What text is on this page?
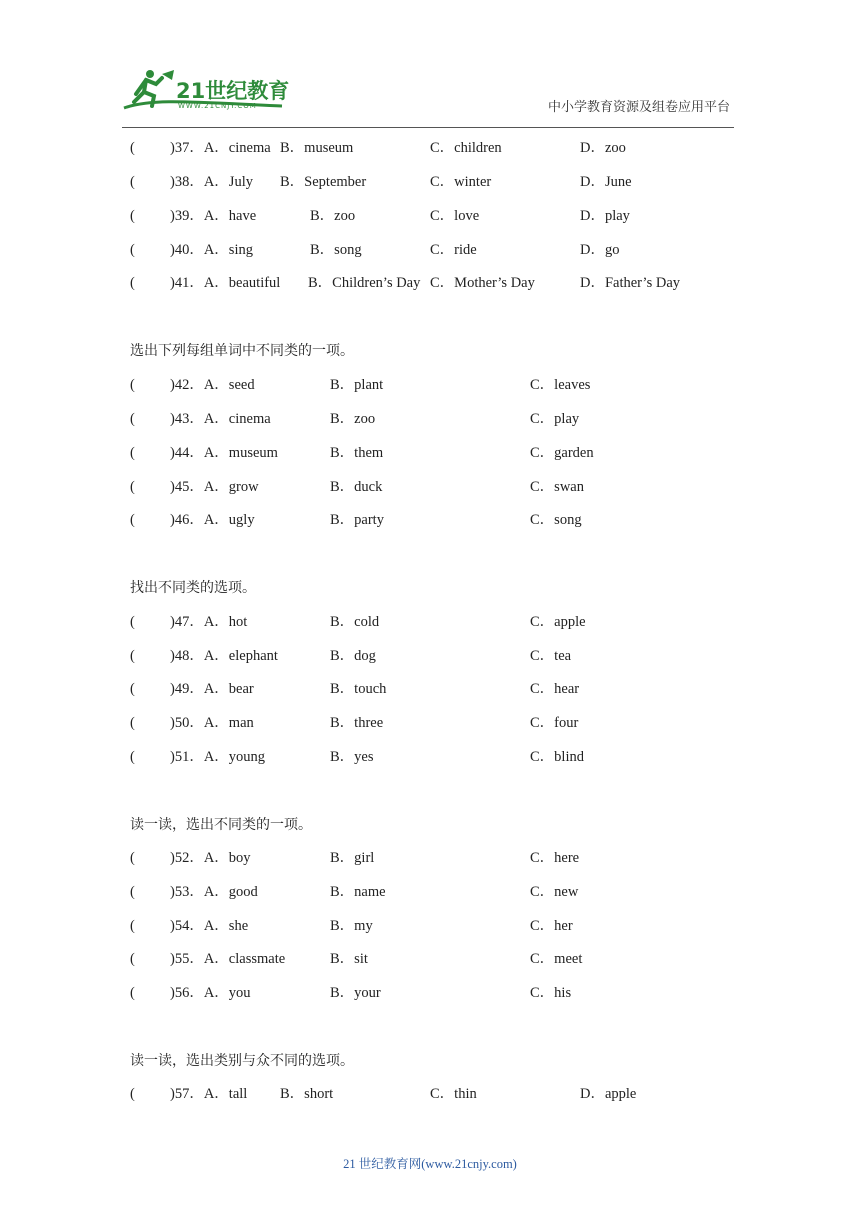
21世纪教育
WWW.21CNJY.COM	中小学教育资源及组卷应用平台
( )37．A．cinema B．museum	C．children	D．zoo
( )38．A．July B．September	C．winter	D．June
( )39．A．have	B．zoo	C．love	D．play
( )40．A．sing	B．song	C．ride	D．go
( )41．A．beautiful B．Children’s Day C．Mother’s Day	D．Father’s Day
选出下列每组单词中不同类的一项。
( )42．A．seed	B．plant	C．leaves
( )43．A．cinema	B．zoo	C．play
( )44．A．museum	B．them	C．garden
( )45．A．grow	B．duck	C．swan
( )46．A．ugly	B．party	C．song
找出不同类的选项。
( )47．A．hot	B．cold	C．apple
( )48．A．elephant	B．dog	C．tea
( )49．A．bear	B．touch	C．hear
( )50．A．man	B．three	C．four
( )51．A．young	B．yes	C．blind
读一读，选出不同类的一项。
( )52．A．boy	B．girl	C．here
( )53．A．good	B．name	C．new
( )54．A．she	B．my	C．her
( )55．A．classmate	B．sit	C．meet
( )56．A．you	B．your	C．his
读一读，选出类别与众不同的选项。
( )57．A．tall B．short	C．thin	D．apple
21 世纪教育网(www.21cnjy.com)
